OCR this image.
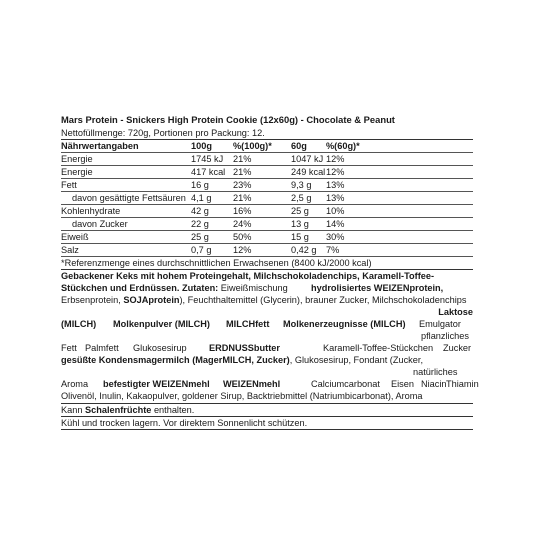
Mars Protein - Snickers High Protein Cookie (12x60g) - Chocolate & Peanut
Nettofüllmenge: 720g, Portionen pro Packung: 12.
Nährwertangaben	100g	%(100g)*	60g	%(60g)*
Energie	1745 kJ	21%	1047 kJ	12%
Energie	417 kcal	21%	249 kcal	12%
Fett	16 g	23%	9,3 g	13%
davon gesättigte Fettsäuren	4,1 g	21%	2,5 g	13%
Kohlenhydrate	42 g	16%	25 g	10%
davon Zucker	22 g	24%	13 g	14%
Eiweiß	25 g	50%	15 g	30%
Salz	0,7 g	12%	0,42 g	7%
*Referenzmenge eines durchschnittlichen Erwachsenen (8400 kJ/2000 kcal)
Gebackener Keks mit hohem Proteingehalt, Milchschokoladenchips, Karamell-Toffee-
Stückchen und Erdnüssen. Zutaten: Eiweißmischung	hydrolisiertes WEIZENprotein,
Erbsenprotein, SOJAprotein), Feuchthaltemittel (Glycerin), brauner Zucker, Milchschokoladenchips
Laktose
(MILCH) Molkenpulver (MILCH) MILCHfett Molkenerzeugnisse (MILCH) Emulgator
pflanzliches
Fett Palmfett Glukosesirup ERDNUSSbutter	Karamell-Toffee-Stückchen Zucker
gesüßte Kondensmagermilch (MagerMILCH, Zucker), Glukosesirup, Fondant (Zucker,
natürliches
Aroma befestigter WEIZENmehl WEIZENmehl	Calciumcarbonat Eisen Niacin Thiamin
Olivenöl, Inulin, Kakaopulver, goldener Sirup, Backtriebmittel (Natriumbicarbonat), Aroma
Kann Schalenfrüchte enthalten.
Kühl und trocken lagern. Vor direktem Sonnenlicht schützen.
